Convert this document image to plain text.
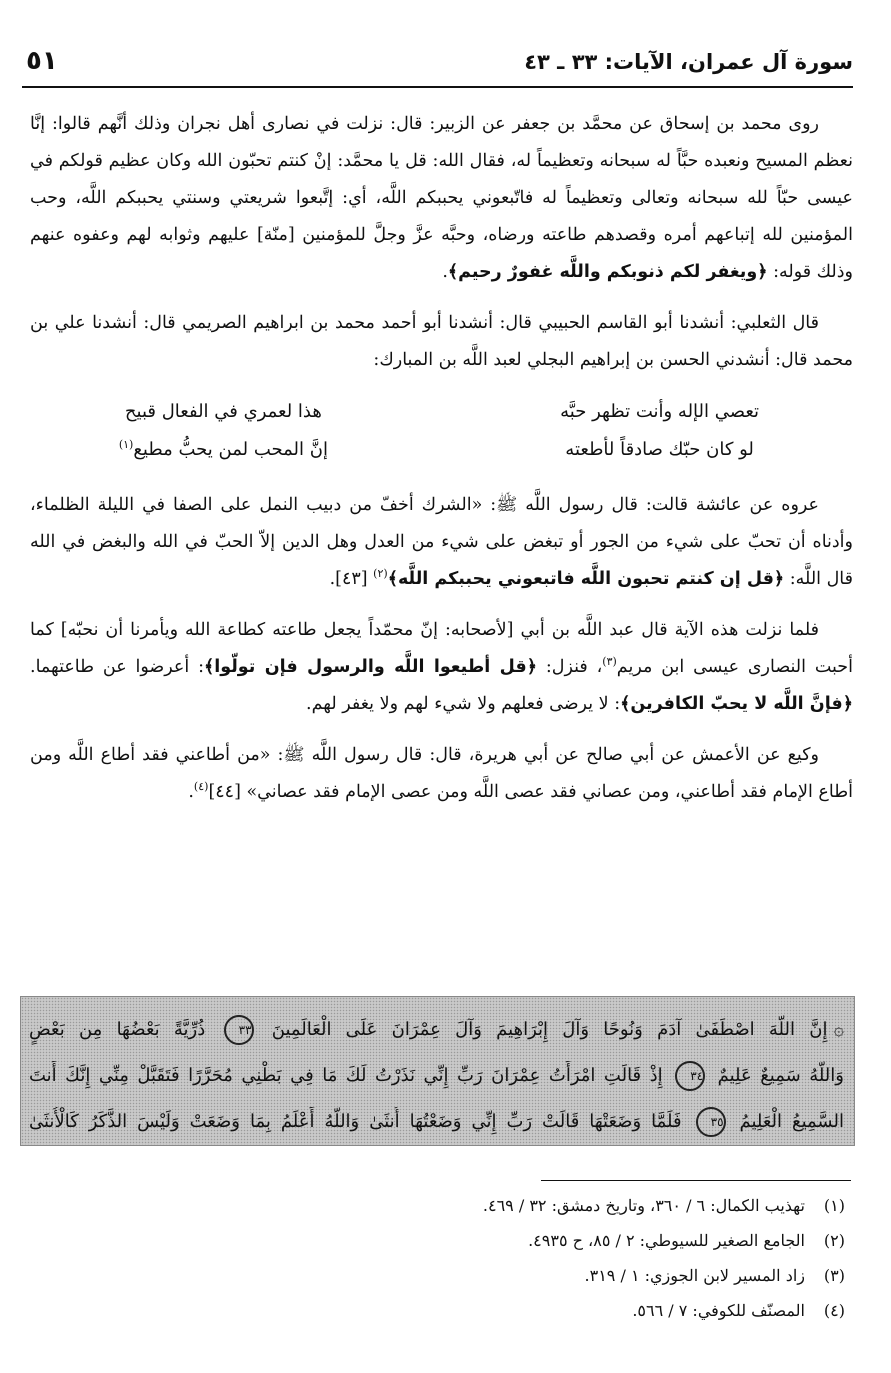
سورة آل عمران، الآيات: ٣٣ ـ ٤٣
٥١

روى محمد بن إسحاق عن محمَّد بن جعفر عن الزبير: قال: نزلت في نصارى أهل نجران وذلك أنَّهم قالوا: إنَّا نعظم المسيح ونعبده حبَّاً له سبحانه وتعظيماً له، فقال الله: قل يا محمَّد: إنْ كنتم تحبّون الله وكان عظيم قولكم في عيسى حبّاً لله سبحانه وتعالى وتعظيماً له فاتّبعوني يحببكم اللَّه، أي: إتَّبعوا شريعتي وسنتي يحببكم اللَّه، وحب المؤمنين لله إتباعهم أمره وقصدهم طاعته ورضاه، وحبَّه عزَّ وجلَّ للمؤمنين [منّة] عليهم وثوابه لهم وعفوه عنهم وذلك قوله: ﴿ويغفر لكم ذنوبكم واللَّه غفورٌ رحيم﴾.

قال الثعلبي: أنشدنا أبو القاسم الحبيبي قال: أنشدنا أبو أحمد محمد بن ابراهيم الصريمي قال: أنشدنا علي بن محمد قال: أنشدني الحسن بن إبراهيم البجلي لعبد اللَّه بن المبارك:

تعصي الإله وأنت تظهر حبَّه
هذا لعمري في الفعال قبيح
لو كان حبّك صادقاً لأطعته
إنَّ المحب لمن يحبُّ مطيع$^{(١)}$

عروه عن عائشة قالت: قال رسول اللَّه ﷺ: «الشرك أخفّ من دبيب النمل على الصفا في الليلة الظلماء، وأدناه أن تحبّ على شيء من الجور أو تبغض على شيء من العدل وهل الدين إلاّ الحبّ في الله والبغض في الله قال اللَّه: ﴿قل إن كنتم تحبون اللَّه فاتبعوني يحببكم اللَّه﴾$^{(٢)}$ [٤٣].

فلما نزلت هذه الآية قال عبد اللَّه بن أبي [لأصحابه: إنّ محمّداً يجعل طاعته كطاعة الله ويأمرنا أن نحبّه] كما أحبت النصارى عيسى ابن مريم$^{(٣)}$، فنزل: ﴿قل أطيعوا اللَّه والرسول فإن تولّوا﴾: أعرضوا عن طاعتهما. ﴿فإنَّ اللَّه لا يحبّ الكافرين﴾: لا يرضى فعلهم ولا شيء لهم ولا يغفر لهم.

وكيع عن الأعمش عن أبي صالح عن أبي هريرة، قال: قال رسول اللَّه ﷺ: «من أطاعني فقد أطاع اللَّه ومن أطاع الإمام فقد أطاعني، ومن عصاني فقد عصى اللَّه ومن عصى الإمام فقد عصاني» [٤٤]$^{(٤)}$.

۞إِنَّ اللَّهَ اصْطَفَىٰ آدَمَ وَنُوحًا وَآلَ إِبْرَاهِيمَ وَآلَ عِمْرَانَ عَلَى الْعَالَمِينَ ٣٣ ذُرِّيَّةً بَعْضُهَا مِن بَعْضٍ
وَاللَّهُ سَمِيعٌ عَلِيمٌ ٣٤ إِذْ قَالَتِ امْرَأَتُ عِمْرَانَ رَبِّ إِنِّي نَذَرْتُ لَكَ مَا فِي بَطْنِي مُحَرَّرًا فَتَقَبَّلْ مِنِّي إِنَّكَ أَنتَ
السَّمِيعُ الْعَلِيمُ ٣٥ فَلَمَّا وَضَعَتْهَا قَالَتْ رَبِّ إِنِّي وَضَعْتُهَا أُنثَىٰ وَاللَّهُ أَعْلَمُ بِمَا وَضَعَتْ وَلَيْسَ الذَّكَرُ كَالْأُنثَىٰ
(١)تهذيب الكمال: ٦ / ٣٦٠، وتاريخ دمشق: ٣٢ / ٤٦٩.
(٢)الجامع الصغير للسيوطي: ٢ / ٨٥، ح ٤٩٣٥.
(٣)زاد المسير لابن الجوزي: ١ / ٣١٩.
(٤)المصنّف للكوفي: ٧ / ٥٦٦.
